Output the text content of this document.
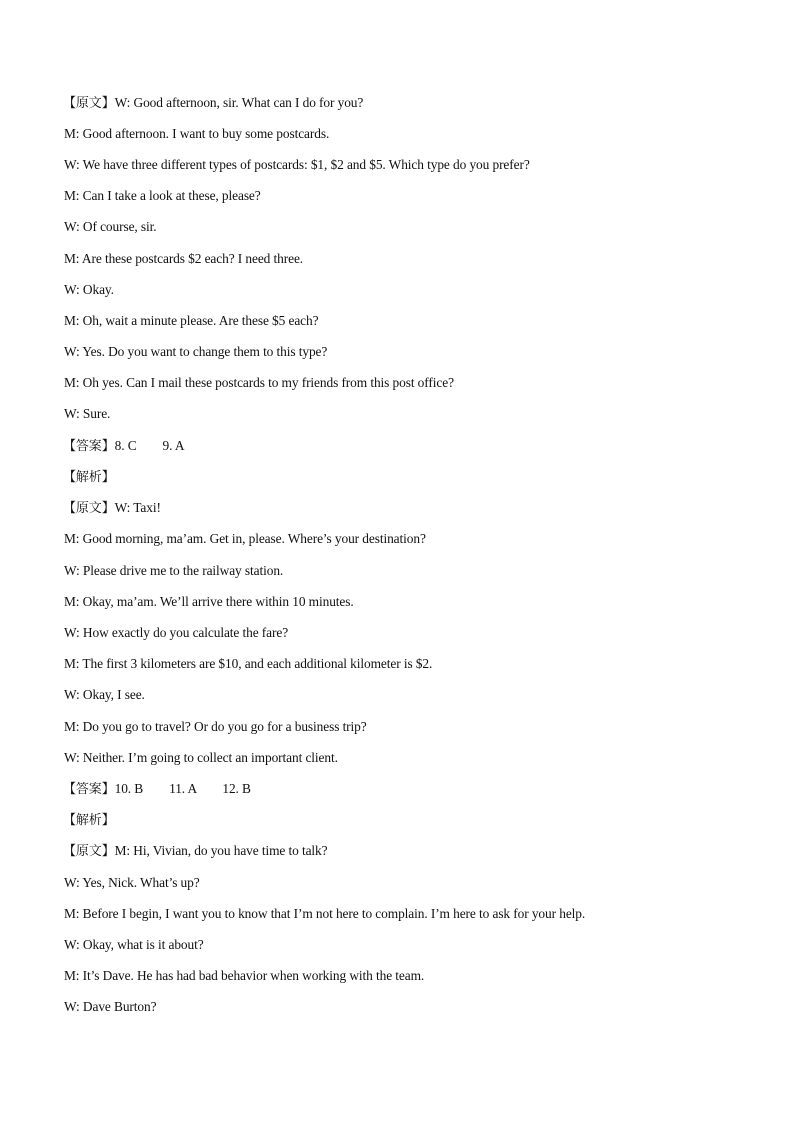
【原文】W: Good afternoon, sir. What can I do for you?
M: Good afternoon. I want to buy some postcards.
W: We have three different types of postcards: $1, $2 and $5. Which type do you prefer?
M: Can I take a look at these, please?
W: Of course, sir.
M: Are these postcards $2 each? I need three.
W: Okay.
M: Oh, wait a minute please. Are these $5 each?
W: Yes. Do you want to change them to this type?
M: Oh yes. Can I mail these postcards to my friends from this post office?
W: Sure.
【答案】8. C        9. A
【解析】
【原文】W: Taxi!
M: Good morning, ma’am. Get in, please. Where’s your destination?
W: Please drive me to the railway station.
M: Okay, ma’am. We’ll arrive there within 10 minutes.
W: How exactly do you calculate the fare?
M: The first 3 kilometers are $10, and each additional kilometer is $2.
W: Okay, I see.
M: Do you go to travel? Or do you go for a business trip?
W: Neither. I’m going to collect an important client.
【答案】10. B        11. A        12. B
【解析】
【原文】M: Hi, Vivian, do you have time to talk?
W: Yes, Nick. What’s up?
M: Before I begin, I want you to know that I’m not here to complain. I’m here to ask for your help.
W: Okay, what is it about?
M: It’s Dave. He has had bad behavior when working with the team.
W: Dave Burton?
